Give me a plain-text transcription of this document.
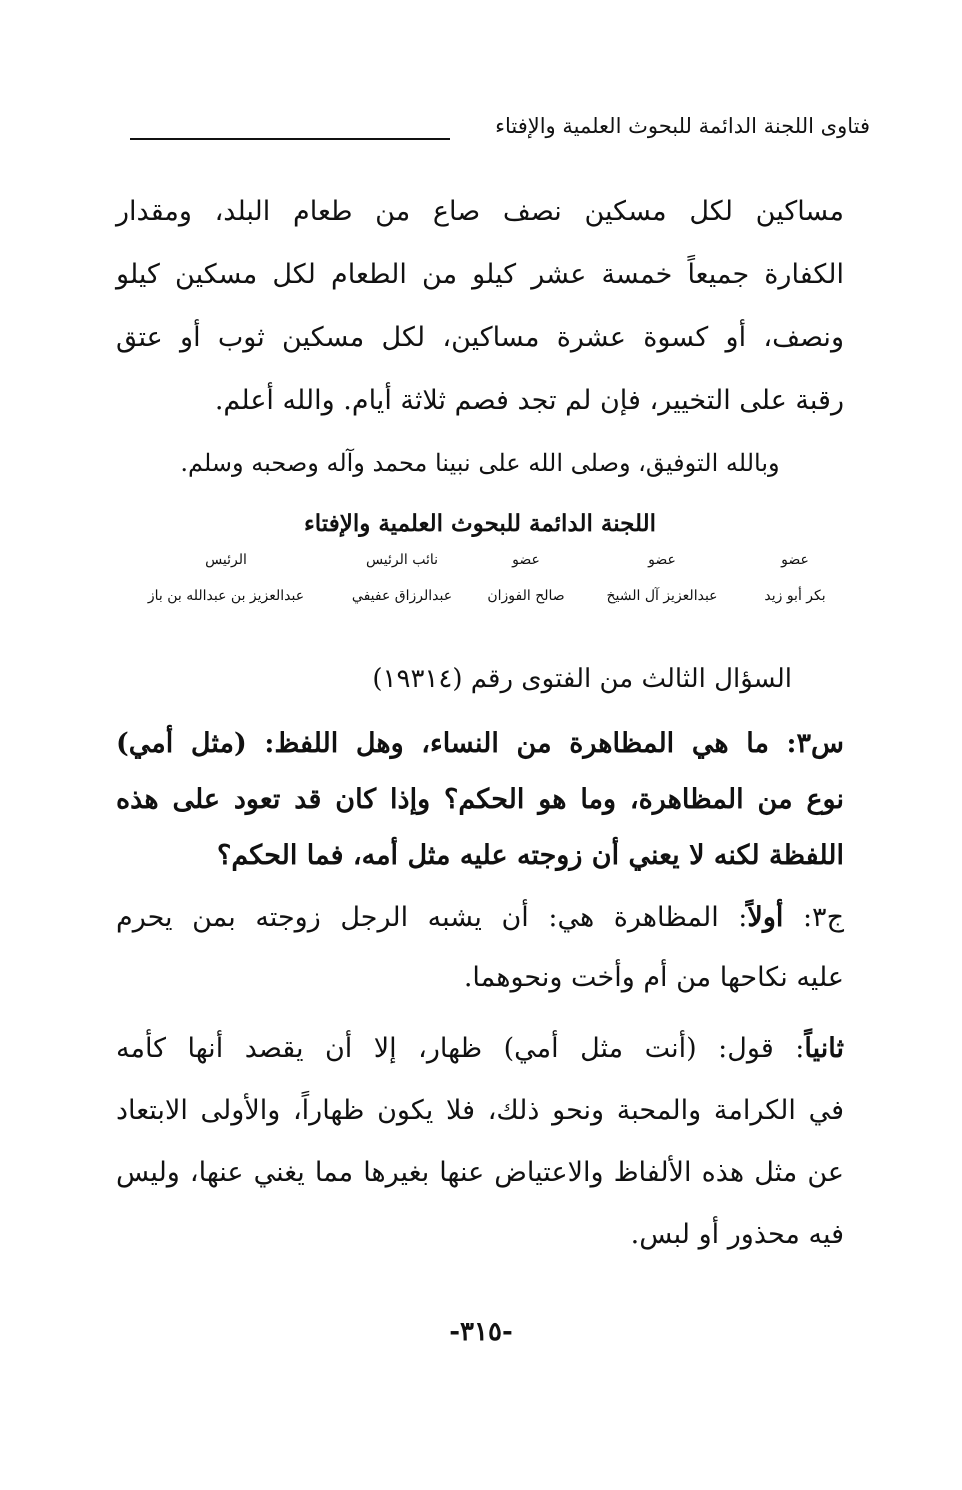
فتاوى اللجنة الدائمة للبحوث العلمية والإفتاء

مساكين لكل مسكين نصف صاع من طعام البلد، ومقدار

الكفارة جميعاً خمسة عشر كيلو من الطعام لكل مسكين كيلو

ونصف، أو كسوة عشرة مساكين، لكل مسكين ثوب أو عتق

رقبة على التخيير، فإن لم تجد فصم ثلاثة أيام. والله أعلم.

وبالله التوفيق، وصلى الله على نبينا محمد وآله وصحبه وسلم.
اللجنة الدائمة للبحوث العلمية والإفتاء
عضو
بكر أبو زيد
عضو
عبدالعزيز آل الشيخ
عضو
صالح الفوزان
نائب الرئيس
عبدالرزاق عفيفي
الرئيس
عبدالعزيز بن عبدالله بن باز
السؤال الثالث من الفتوى رقم (١٩٣١٤)

س٣: ما هي المظاهرة من النساء، وهل اللفظ: (مثل أمي)

نوع من المظاهرة، وما هو الحكم؟ وإذا كان قد تعود على هذه

اللفظة لكنه لا يعني أن زوجته عليه مثل أمه، فما الحكم؟

ج٣: أولاً: المظاهرة هي: أن يشبه الرجل زوجته بمن يحرم

عليه نكاحها من أم وأخت ونحوهما.

ثانياً: قول: (أنت مثل أمي) ظهار، إلا أن يقصد أنها كأمه

في الكرامة والمحبة ونحو ذلك، فلا يكون ظهاراً، والأولى الابتعاد

عن مثل هذه الألفاظ والاعتياض عنها بغيرها مما يغني عنها، وليس

فيه محذور أو لبس.

-٣١٥-
